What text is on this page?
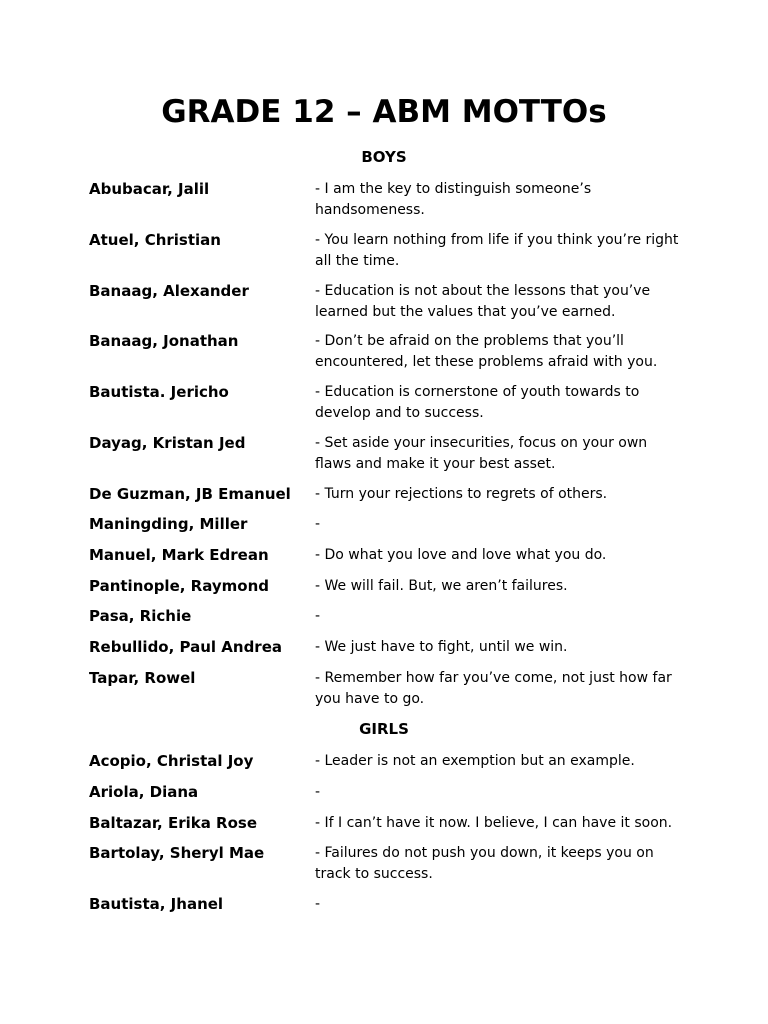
GRADE 12 – ABM MOTTOs
BOYS
Abubacar, Jalil	- I am the key to distinguish someone’s handsomeness.
Atuel, Christian	- You learn nothing from life if you think you’re right all the time.
Banaag, Alexander	- Education is not about the lessons that you’ve learned but the values that you’ve earned.
Banaag, Jonathan	- Don’t be afraid on the problems that you’ll encountered, let these problems afraid with you.
Bautista. Jericho	- Education is cornerstone of youth towards to develop and to success.
Dayag, Kristan Jed	- Set aside your insecurities, focus on your own flaws and make it your best asset.
De Guzman, JB Emanuel	- Turn your rejections to regrets of others.
Maningding, Miller	-
Manuel, Mark Edrean	- Do what you love and love what you do.
Pantinople, Raymond	- We will fail. But, we aren’t failures.
Pasa, Richie	-
Rebullido, Paul Andrea	- We just have to fight, until we win.
Tapar, Rowel	- Remember how far you’ve come, not just how far you have to go.
GIRLS
Acopio, Christal Joy	- Leader is not an exemption but an example.
Ariola, Diana	-
Baltazar, Erika Rose	- If I can’t have it now. I believe, I can have it soon.
Bartolay, Sheryl Mae	- Failures do not push you down, it keeps you on track to success.
Bautista, Jhanel	-
